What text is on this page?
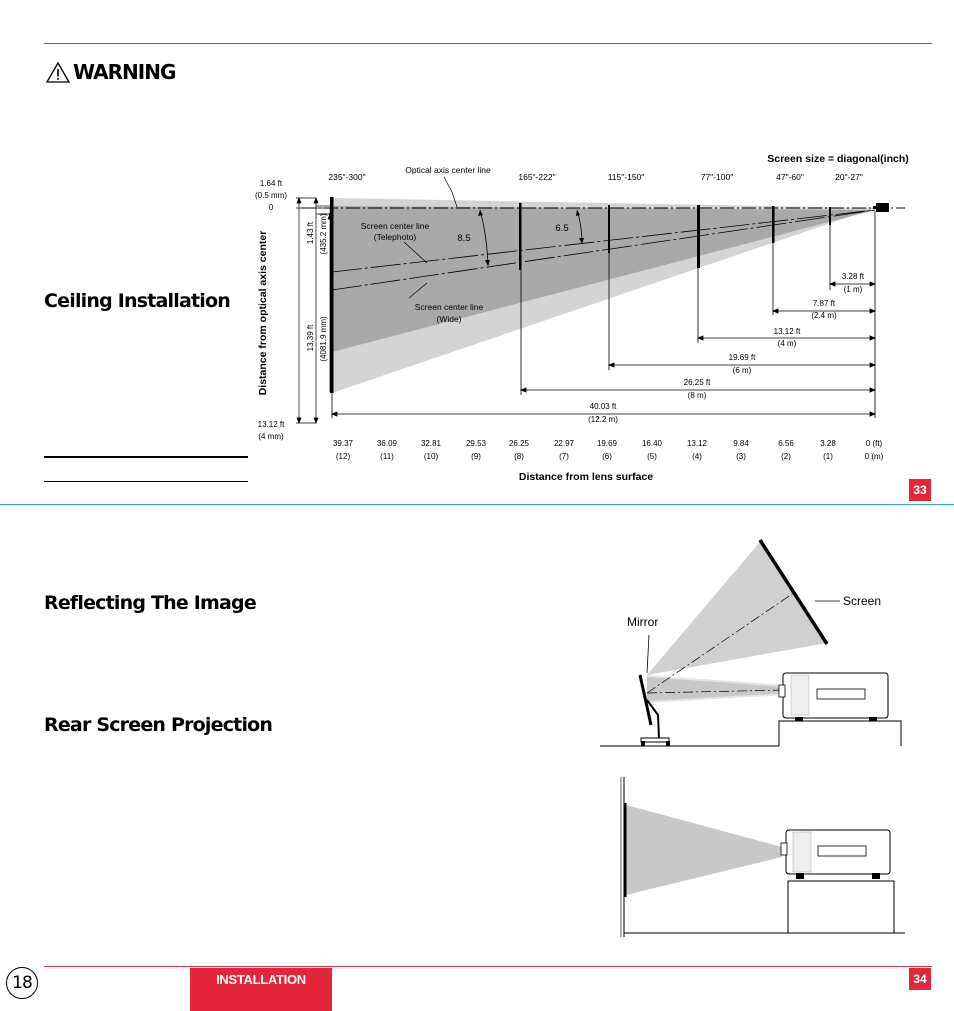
WARNING
Ceiling Installation
Reflecting The Image
Rear Screen Projection
Screen size = diagonal(inch)
235"-300"	165"-222"	115"-150"	77"-100"	47"-60"	20"-27"
Optical axis center line
Screen center line
(Telephoto)
Screen center line
(Wide)
8.5
6.5
1.64 ft
(0.5 mm)
0
13.12 ft
(4 mm)
Distance from optical axis center	1.43 ft (435.2 mm)
13.39 ft (4081.9 mm)
3.28 ft
(1 m)
7.87 ft
(2.4 m)
13.12 ft
(4 m)
19.69 ft
(6 m)
26.25 ft
(8 m)
40.03 ft
(12.2 m)
39.37	36.09	32.81	29.53	26.25	22.97	19.69	16.40	13.12	9.84	6.56	3.28	0 (ft)
(12)	(11)	(10)	(9)	(8)	(7)	(6)	(5)	(4)	(3)	(2)	(1)	0 (m)
Distance from lens surface
33
Mirror
Screen
18	INSTALLATION	34
